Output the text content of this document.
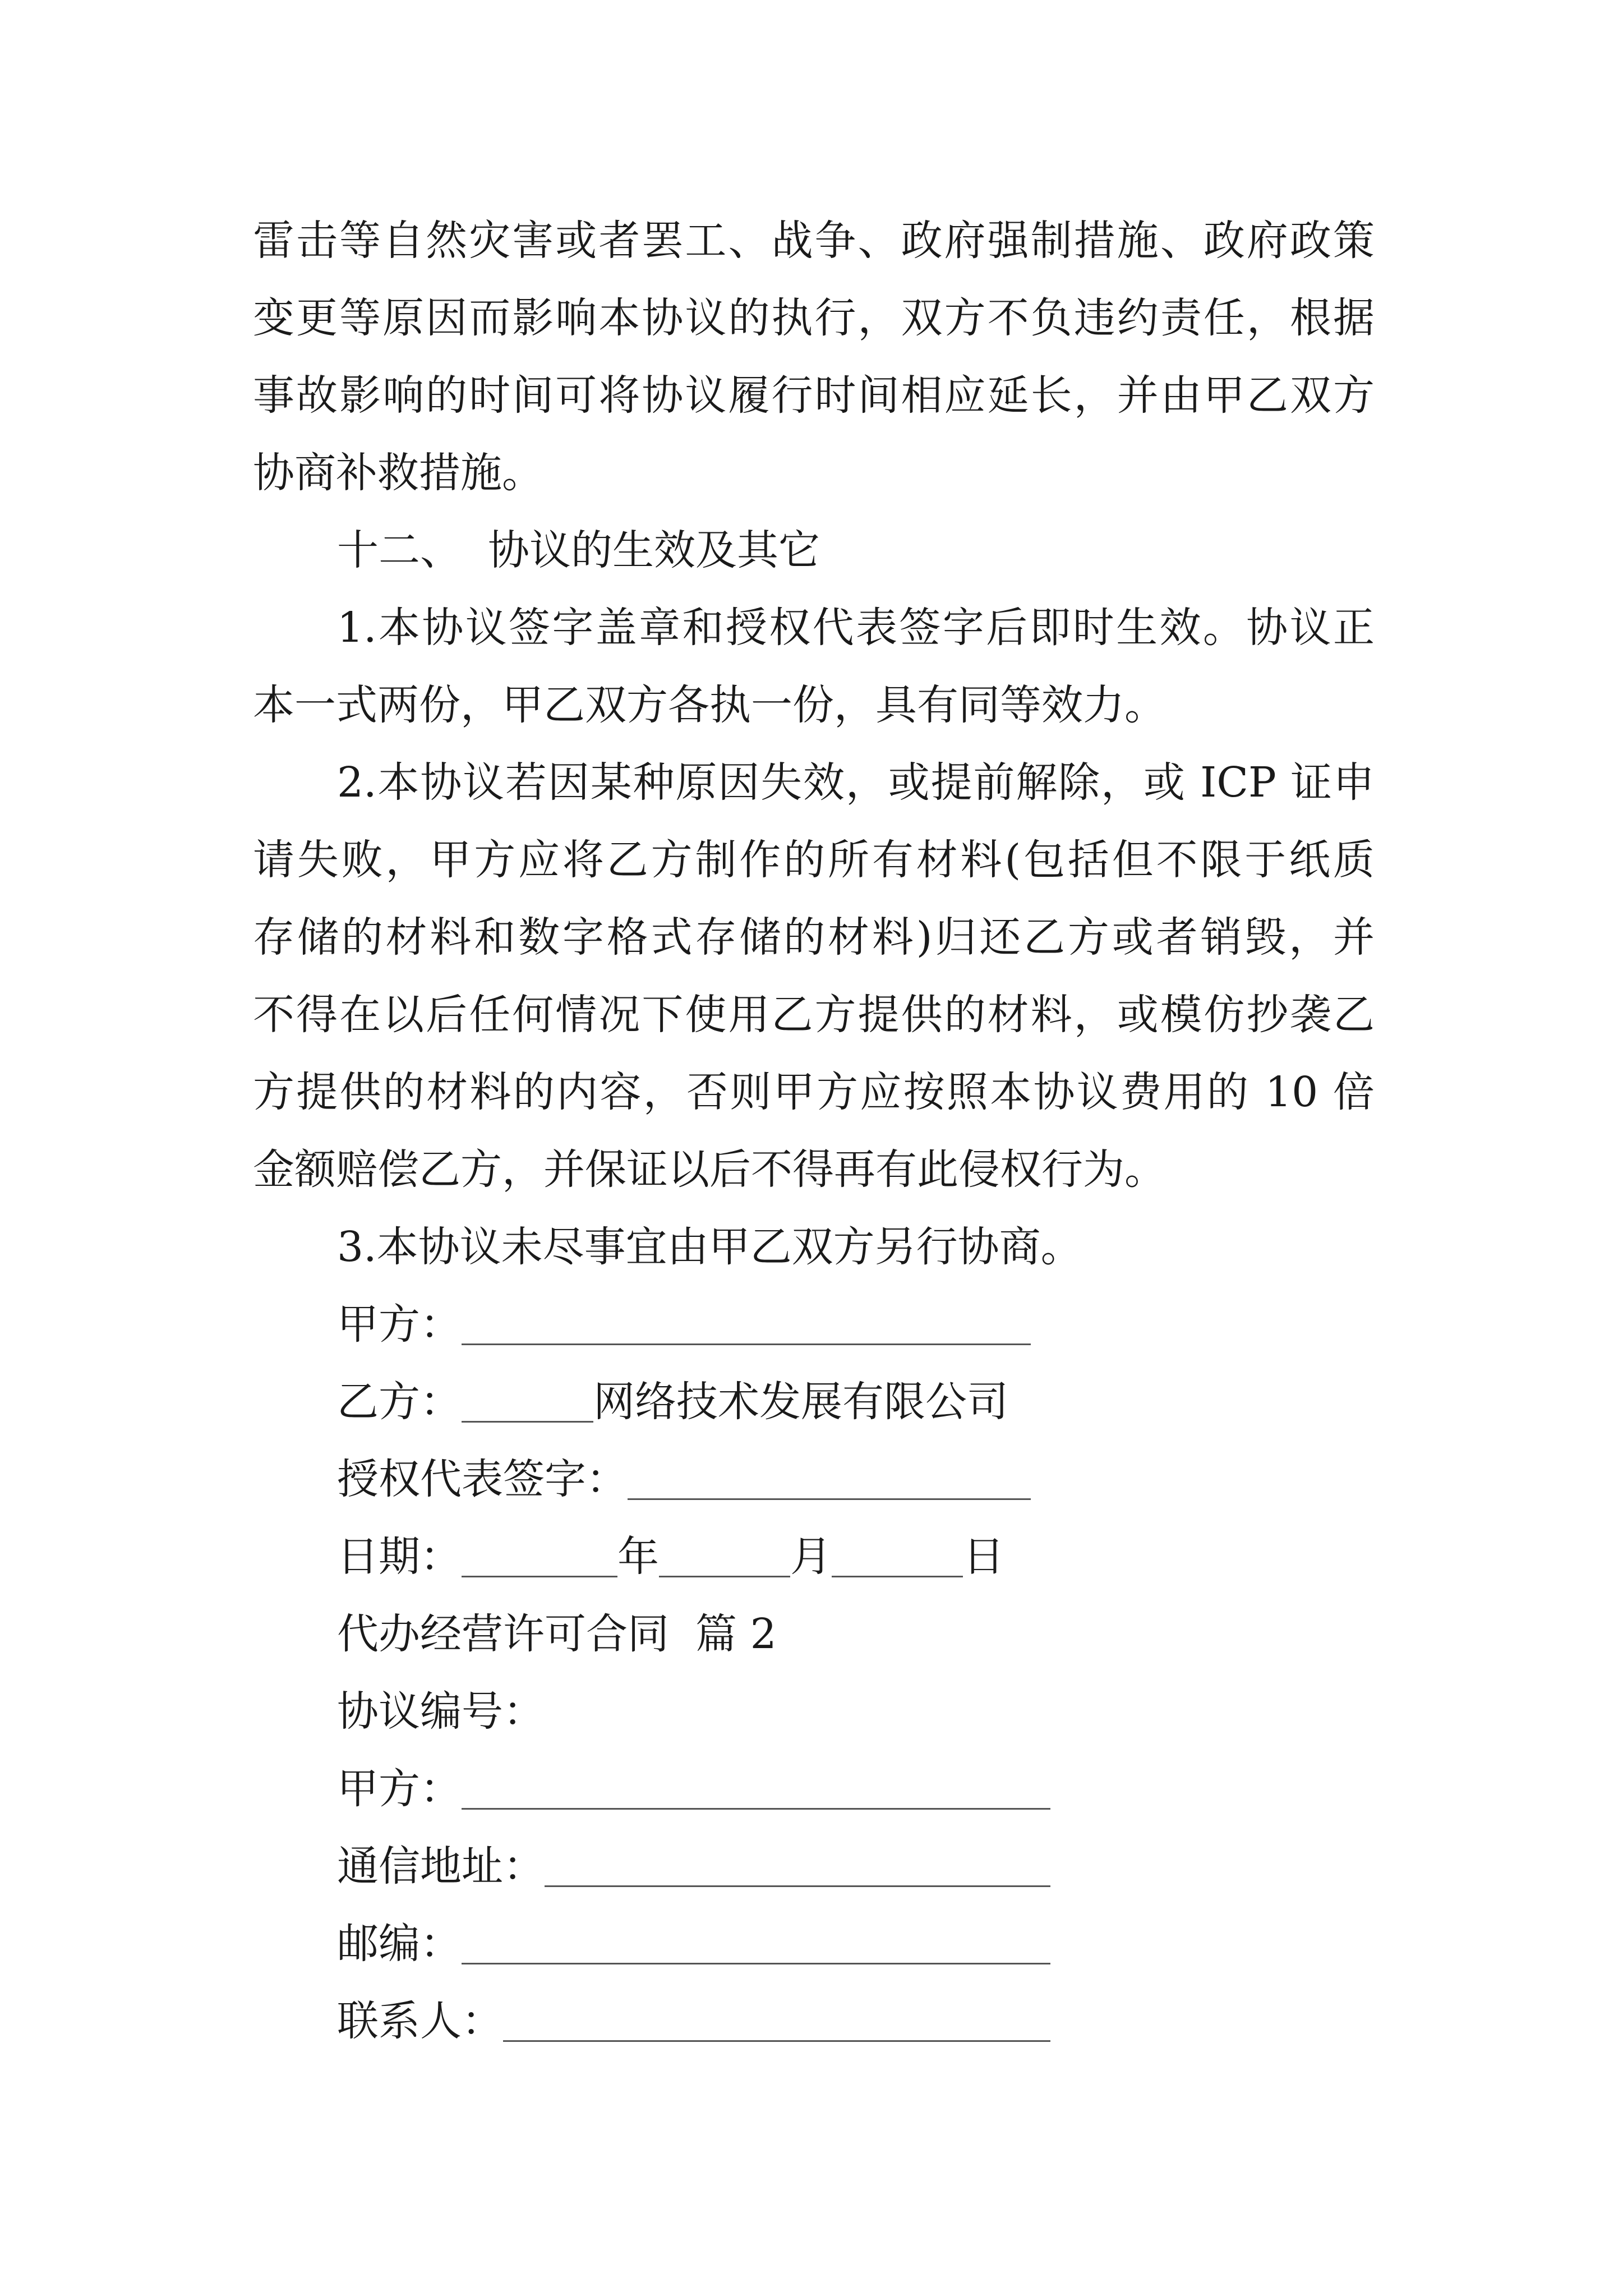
雷击等自然灾害或者罢工、战争、政府强制措施、政府政策
变更等原因而影响本协议的执行，双方不负违约责任，根据
事故影响的时间可将协议履行时间相应延长，并由甲乙双方
协商补救措施。
十二、  协议的生效及其它
1.本协议签字盖章和授权代表签字后即时生效。协议正
本一式两份，甲乙双方各执一份，具有同等效力。
2.本协议若因某种原因失效，或提前解除，或 ICP 证申
请失败，甲方应将乙方制作的所有材料(包括但不限于纸质
存储的材料和数字格式存储的材料)归还乙方或者销毁，并
不得在以后任何情况下使用乙方提供的材料，或模仿抄袭乙
方提供的材料的内容，否则甲方应按照本协议费用的 10 倍
金额赔偿乙方，并保证以后不得再有此侵权行为。
3.本协议未尽事宜由甲乙双方另行协商。
甲方：
乙方：	网络技术发展有限公司
授权代表签字：
日期：	年	月	日
代办经营许可合同  篇 2
协议编号：
甲方：
通信地址：
邮编：
联系人：
